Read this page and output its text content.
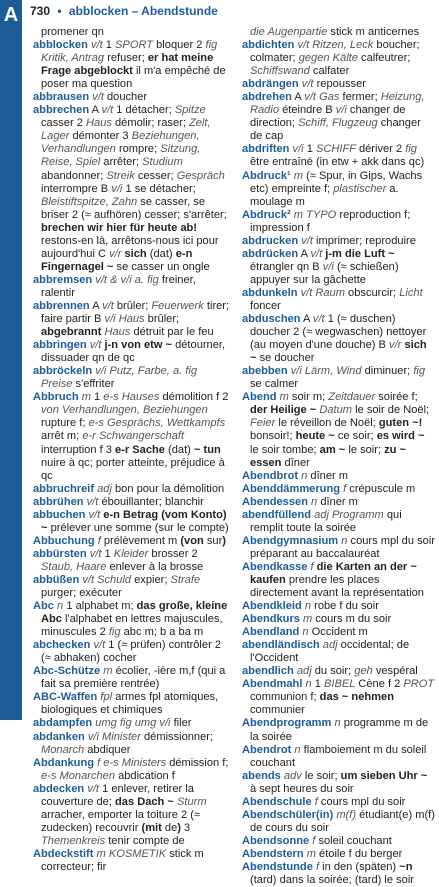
A 730 • abblocken – Abendstunde

promener qn

abblocken v/t 1 SPORT bloquer 2 fig Kritik, Antrag refuser; er hat meine Frage abgeblockt il m'a empêché de poser ma question

abbrausen v/t doucher

abbrechen A v/t 1 détacher; Spitze casser 2 Haus démolir; raser; Zelt, Lager démonter 3 Beziehungen, Verhandlungen rompre; Sitzung, Reise, Spiel arrêter; Studium abandonner; Streik cesser; Gespräch interrompre B v/i 1 se détacher; Bleistiftspitze, Zahn se casser, se briser 2 (≈ aufhören) cesser; s'arrêter; brechen wir hier für heute ab! restons-en là, arrêtons-nous ici pour aujourd'hui C v/r sich (dat) e-n Fingernagel ~ se casser un ongle

abbremsen v/t & v/i a. fig freiner, ralentir

abbrennen A v/t brûler; Feuerwerk tirer; faire partir B v/i Haus brûler; abgebrannt Haus détruit par le feu

abbringen v/t j-n von etw ~ détourner, dissuader qn de qc

abbröckeln v/i Putz, Farbe, a. fig Preise s'effriter

Abbruch m 1 e-s Hauses démolition f 2 von Verhandlungen, Beziehungen rupture f; e-s Gesprächs, Wettkampfs arrêt m; e-r Schwangerschaft interruption f 3 e-r Sache (dat) ~ tun nuire à qc; porter atteinte, préjudice à qc

abbruchreif adj bon pour la démolition

abbrühen v/t ébouillanter; blanchir

abbuchen v/t e-n Betrag (vom Konto) ~ prélever une somme (sur le compte)

Abbuchung f prélèvement m (von sur)

abbürsten v/t 1 Kleider brosser 2 Staub, Haare enlever à la brosse

abbüßen v/t Schuld expier; Strafe purger; exécuter

Abc n 1 alphabet m; das große, kleine Abc l'alphabet en lettres majuscules, minuscules 2 fig abc m; b a ba m

abchecken v/t 1 (≈ prüfen) contrôler 2 (≈ abhaken) cocher

Abc-Schütze m écolier, -ière m,f (qui a fait sa première rentrée)

ABC-Waffen fpl armes fpl atomiques, biologiques et chimiques

abdampfen umg fig umg v/i filer

abdanken v/i Minister démissionner; Monarch abdiquer

Abdankung f e-s Ministers démission f; e-s Monarchen abdication f

abdecken v/t 1 enlever, retirer la couverture de; das Dach ~ Sturm arracher, emporter la toiture 2 (≈ zudecken) recouvrir (mit de) 3 Themenkreis tenir compte de

Abdeckstift m KOSMETIK stick m correcteur; fir

die Augenpartie stick m anticernes

abdichten v/t Ritzen, Leck boucher; colmater; gegen Kälte calfeutrer; Schiffswand calfater

abdrängen v/t repousser

abdrehen A v/t Gas fermer; Heizung, Radio éteindre B v/i changer de direction; Schiff, Flugzeug changer de cap

abdriften v/i 1 SCHIFF dériver 2 fig être entraîné (in etw + akk dans qc)

Abdruck¹ m (≈ Spur, in Gips, Wachs etc) empreinte f; plastischer a. moulage m

Abdruck² m TYPO reproduction f; impression f

abdrucken v/t imprimer; reproduire

abdrücken A v/t j-m die Luft ~ étrangler qn B v/i (≈ schießen) appuyer sur la gâchette

abdunkeln v/t Raum obscurcir; Licht foncer

abduschen A v/t 1 (≈ duschen) doucher 2 (≈ wegwaschen) nettoyer (au moyen d'une douche) B v/r sich ~ se doucher

abebben v/i Lärm, Wind diminuer; fig se calmer

Abend m soir m; Zeitdauer soirée f; der Heilige ~ Datum le soir de Noël; Feier le réveillon de Noël; guten ~! bonsoir!; heute ~ ce soir; es wird ~ le soir tombe; am ~ le soir; zu ~ essen dîner

Abendbrot n dîner m

Abenddämmerung f crépuscule m

Abendessen n dîner m

abendfüllend adj Programm qui remplit toute la soirée

Abendgymnasium n cours mpl du soir préparant au baccalauréat

Abendkasse f die Karten an der ~ kaufen prendre les places directement avant la représentation

Abendkleid n robe f du soir

Abendkurs m cours m du soir

Abendland n Occident m

abendländisch adj occidental; de l'Occident

abendlich adj du soir; geh vespéral

Abendmahl n 1 BIBEL Cène f 2 PROT communion f; das ~ nehmen communier

Abendprogramm n programme m de la soirée

Abendrot n flamboiement m du soleil couchant

abends adv le soir; um sieben Uhr ~ à sept heures du soir

Abendschule f cours mpl du soir

Abendschüler(in) m(f) étudiant(e) m(f) de cours du soir

Abendsonne f soleil couchant

Abendstern m étoile f du berger

Abendstunde f in den (späten) ~n (tard) dans la soirée; (tard) le soir
